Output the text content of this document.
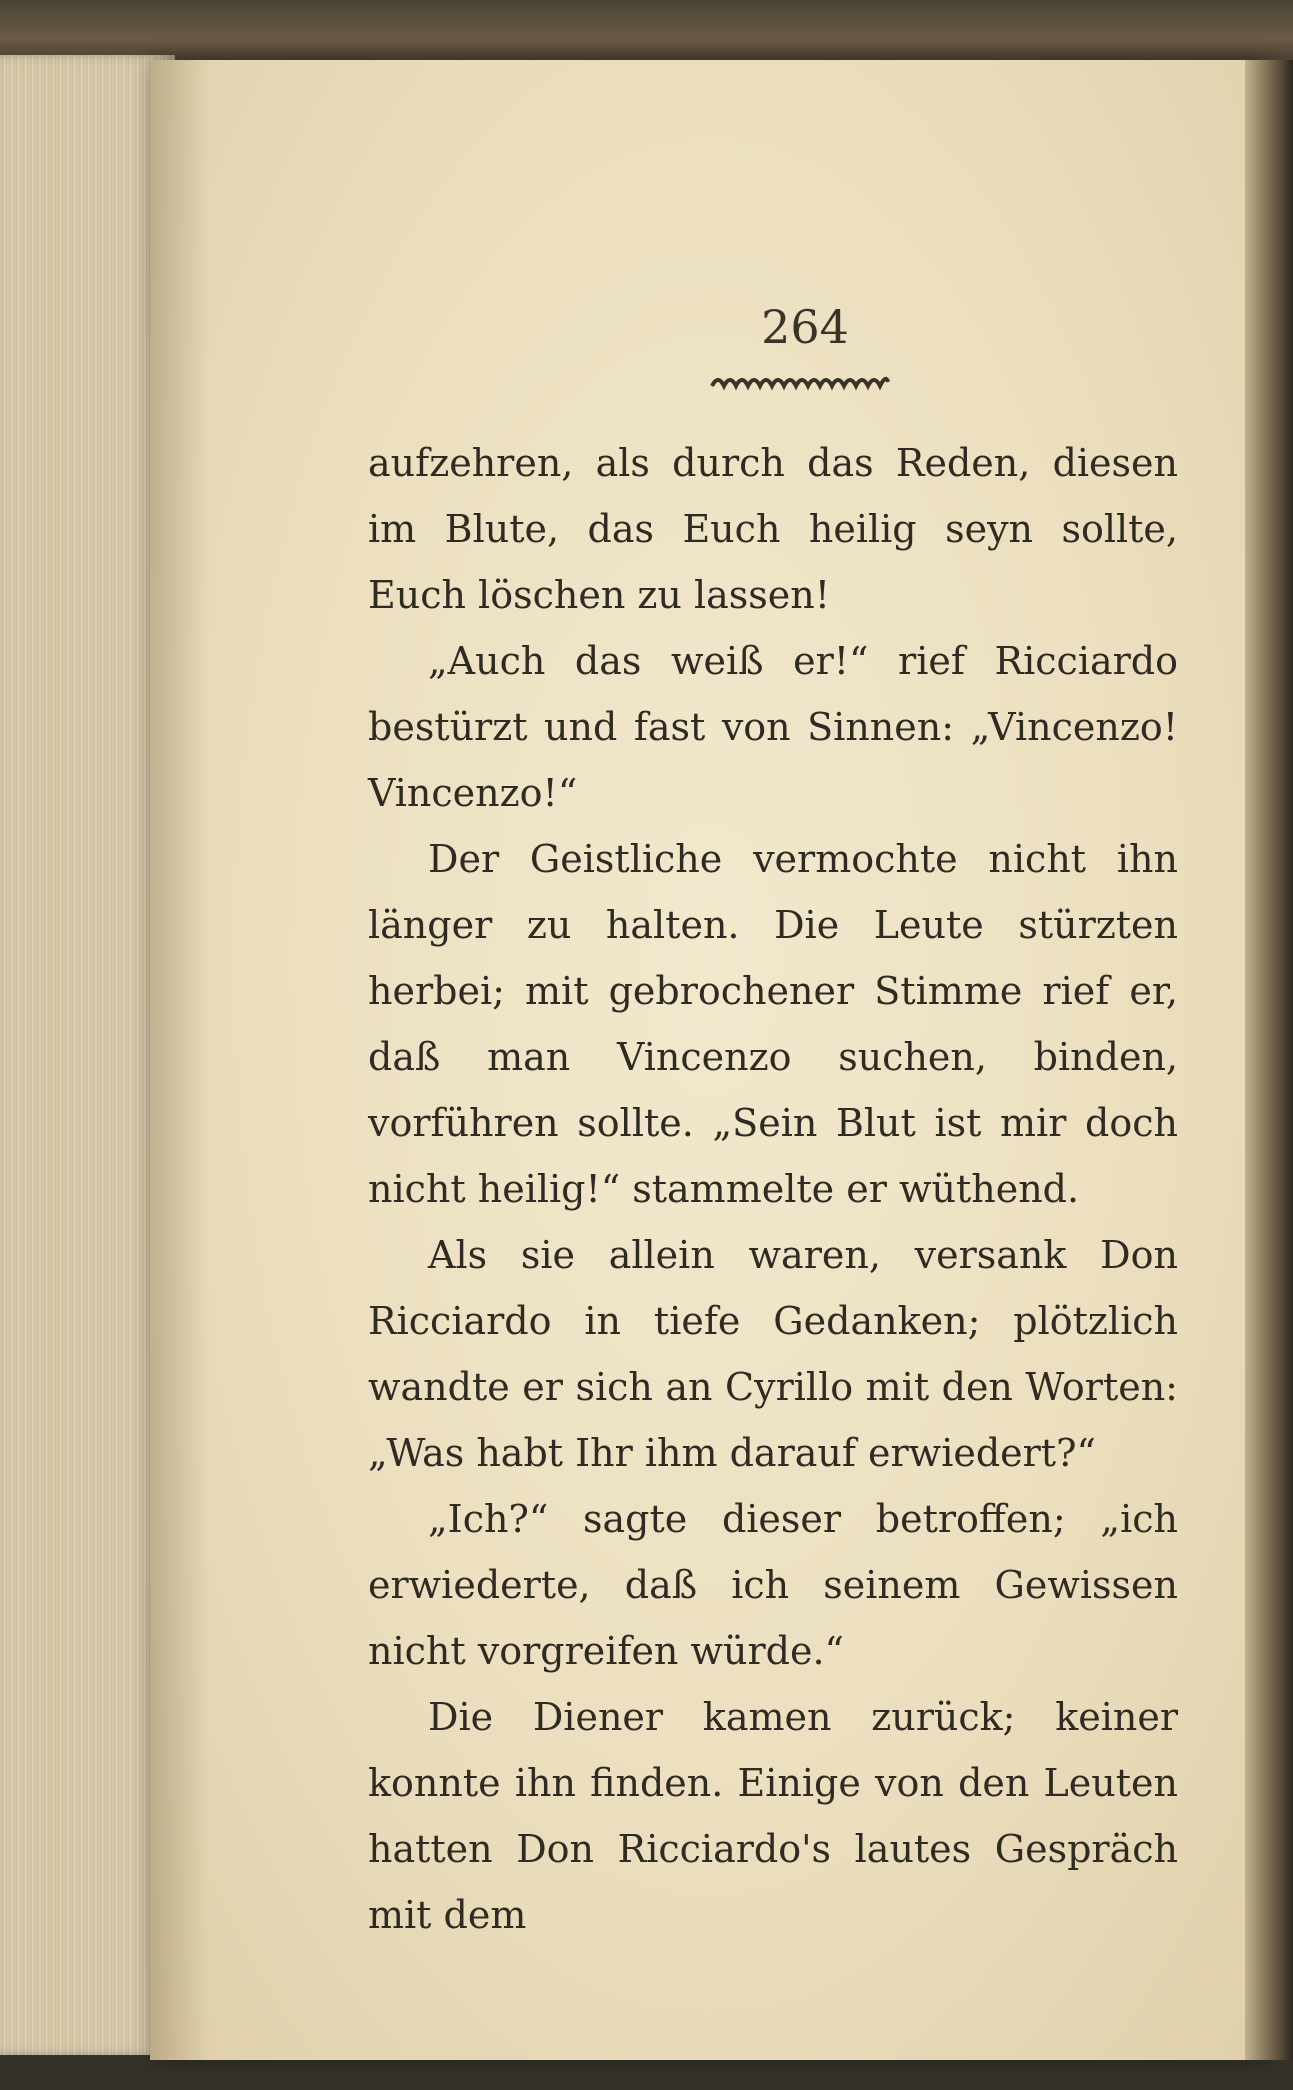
264

aufzehren, als durch das Reden, diesen im Blute, das Euch heilig seyn sollte, Euch löschen zu lassen!

„Auch das weiß er!“ rief Ricciardo bestürzt und fast von Sinnen: „Vincenzo! Vincenzo!“

Der Geistliche vermochte nicht ihn länger zu halten. Die Leute stürzten herbei; mit gebrochener Stimme rief er, daß man Vincenzo suchen, binden, vorführen sollte. „Sein Blut ist mir doch nicht heilig!“ stammelte er wüthend.

Als sie allein waren, versank Don Ricciardo in tiefe Gedanken; plötzlich wandte er sich an Cyrillo mit den Worten: „Was habt Ihr ihm darauf erwiedert?“

„Ich?“ sagte dieser betroffen; „ich erwiederte, daß ich seinem Gewissen nicht vorgreifen würde.“

Die Diener kamen zurück; keiner konnte ihn finden. Einige von den Leuten hatten Don Ricciardo's lautes Gespräch mit dem
